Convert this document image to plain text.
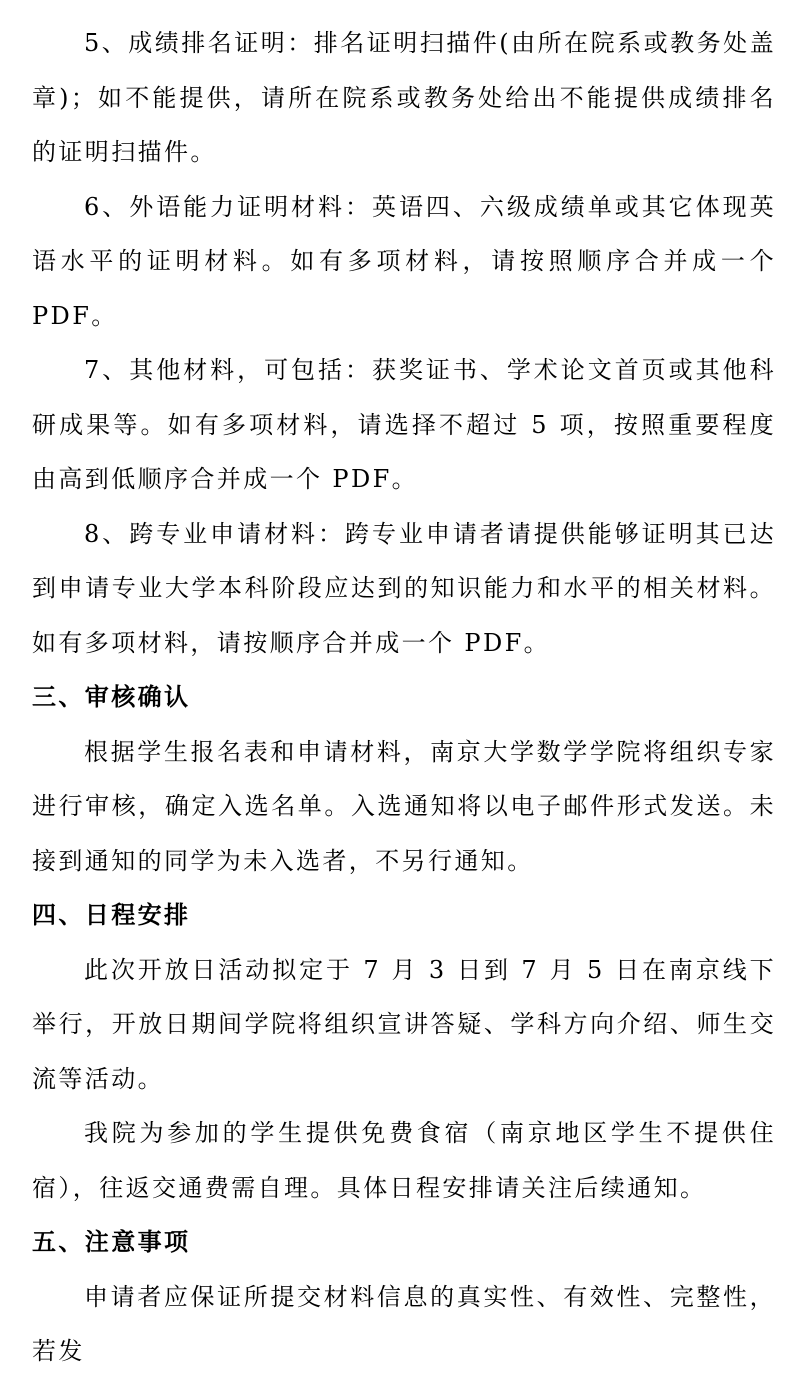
5、成绩排名证明：排名证明扫描件(由所在院系或教务处盖章)；如不能提供，请所在院系或教务处给出不能提供成绩排名的证明扫描件。

6、外语能力证明材料：英语四、六级成绩单或其它体现英语水平的证明材料。如有多项材料，请按照顺序合并成一个 PDF。

7、其他材料，可包括：获奖证书、学术论文首页或其他科研成果等。如有多项材料，请选择不超过 5 项，按照重要程度由高到低顺序合并成一个 PDF。

8、跨专业申请材料：跨专业申请者请提供能够证明其已达到申请专业大学本科阶段应达到的知识能力和水平的相关材料。如有多项材料，请按顺序合并成一个 PDF。

三、审核确认

根据学生报名表和申请材料，南京大学数学学院将组织专家进行审核，确定入选名单。入选通知将以电子邮件形式发送。未接到通知的同学为未入选者，不另行通知。

四、日程安排

此次开放日活动拟定于 7 月 3 日到 7 月 5 日在南京线下举行，开放日期间学院将组织宣讲答疑、学科方向介绍、师生交流等活动。

我院为参加的学生提供免费食宿（南京地区学生不提供住宿），往返交通费需自理。具体日程安排请关注后续通知。

五、注意事项

申请者应保证所提交材料信息的真实性、有效性、完整性，若发
